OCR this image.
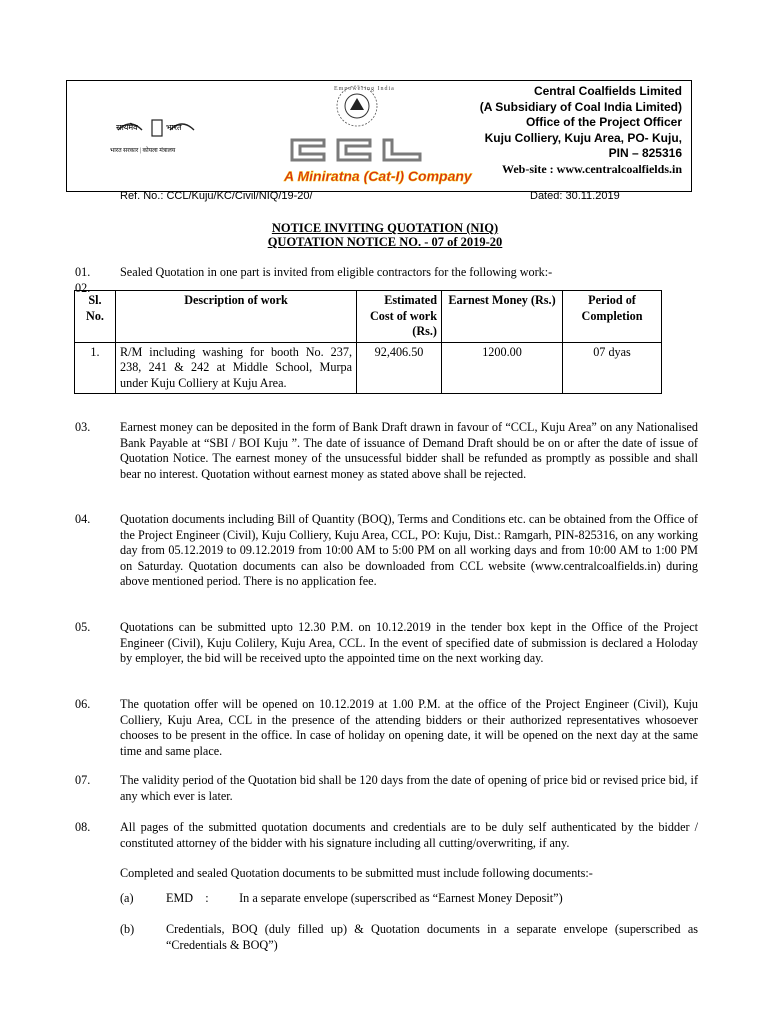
सत्यमेव	भारत
भारत सरकार | कोयला मंत्रालय
Empowering India
A Miniratna (Cat-I) Company
Central Coalfields Limited
(A Subsidiary of Coal India Limited)
Office of the Project Officer
Kuju Colliery, Kuju Area, PO- Kuju,
PIN – 825316
Web-site : www.centralcoalfields.in
Ref. No.: CCL/Kuju/KC/Civil/NIQ/19-20/	Dated: 30.11.2019
NOTICE INVITING QUOTATION (NIQ)
QUOTATION NOTICE NO. - 07 of 2019-20
01.
02.
Sealed Quotation in one part is invited from eligible contractors for the following work:-
Sl. No.	Description of work	Estimated Cost of work (Rs.)	Earnest Money (Rs.)	Period of Completion
1.	R/M including washing for booth No. 237, 238, 241 & 242 at Middle School, Murpa under Kuju Colliery at Kuju Area.	92,406.50	1200.00	07 dyas
03. Earnest money can be deposited in the form of Bank Draft drawn in favour of “CCL, Kuju Area” on any Nationalised Bank Payable at “SBI / BOI Kuju ”. The date of issuance of Demand Draft should be on or after the date of issue of Quotation Notice. The earnest money of the unsucessful bidder shall be refunded as promptly as possible and shall bear no interest. Quotation without earnest money as stated above shall be rejected.
04. Quotation documents including Bill of Quantity (BOQ), Terms and Conditions etc. can be obtained from the Office of the Project Engineer (Civil), Kuju Colliery, Kuju Area, CCL, PO: Kuju, Dist.: Ramgarh, PIN-825316, on any working day from 05.12.2019 to 09.12.2019 from 10:00 AM to 5:00 PM on all working days and from 10:00 AM to 1:00 PM on Saturday. Quotation documents can also be downloaded from CCL website (www.centralcoalfields.in) during above mentioned period. There is no application fee.
05. Quotations can be submitted upto 12.30 P.M. on 10.12.2019 in the tender box kept in the Office of the Project Engineer (Civil), Kuju Colilery, Kuju Area, CCL. In the event of specified date of submission is declared a Holoday by employer, the bid will be received upto the appointed time on the next working day.
06. The quotation offer will be opened on 10.12.2019 at 1.00 P.M. at the office of the Project Engineer (Civil), Kuju Colliery, Kuju Area, CCL in the presence of the attending bidders or their authorized representatives whosoever chooses to be present in the office. In case of holiday on opening date, it will be opened on the next day at the same time and same place.
07. The validity period of the Quotation bid shall be 120 days from the date of opening of price bid or revised price bid, if any which ever is later.
08. All pages of the submitted quotation documents and credentials are to be duly self authenticated by the bidder / constituted attorney of the bidder with his signature including all cutting/overwriting, if any.
Completed and sealed Quotation documents to be submitted must include following documents:-
(a)	EMD    :          In a separate envelope (superscribed as “Earnest Money Deposit”)
(b)	Credentials, BOQ (duly filled up) & Quotation documents in a separate envelope (superscribed as “Credentials & BOQ”)
